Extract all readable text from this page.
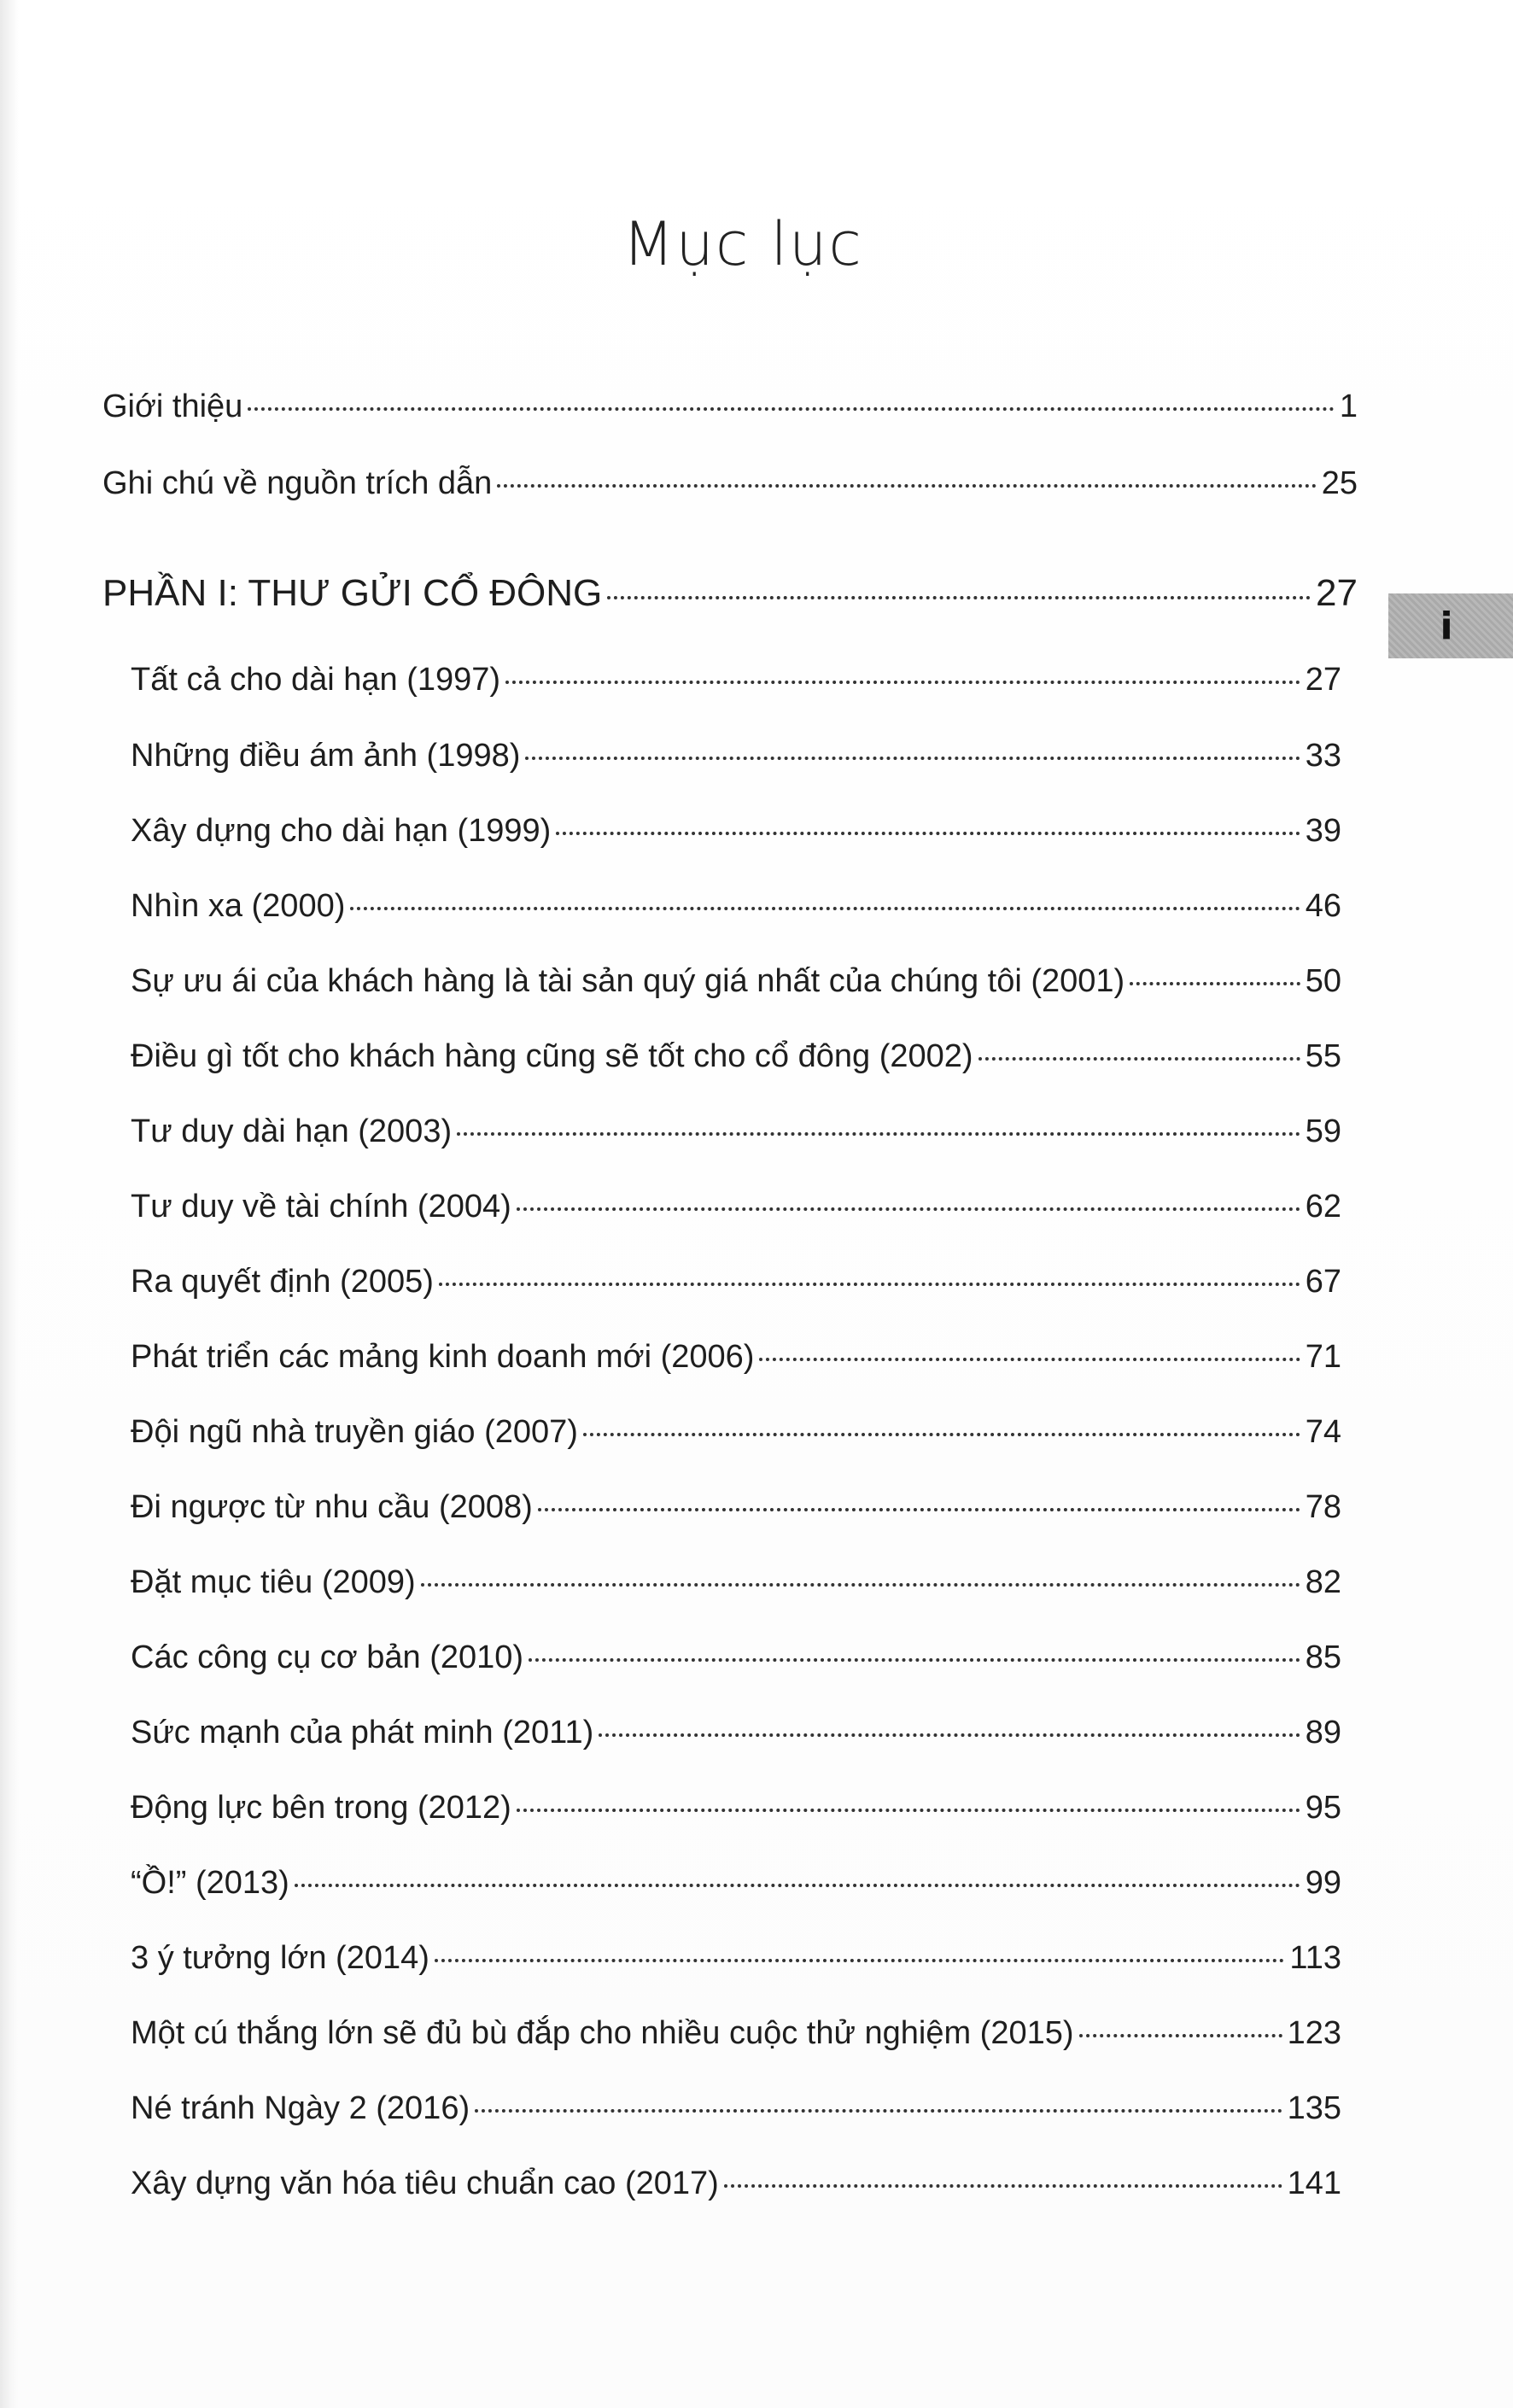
Mục lục
i
Giới thiệu	1
Ghi chú về nguồn trích dẫn	25
PHẦN I: THƯ GỬI CỔ ĐÔNG	27
Tất cả cho dài hạn (1997)	27
Những điều ám ảnh (1998)	33
Xây dựng cho dài hạn (1999)	39
Nhìn xa (2000)	46
Sự ưu ái của khách hàng là tài sản quý giá nhất của chúng tôi (2001)	50
Điều gì tốt cho khách hàng cũng sẽ tốt cho cổ đông (2002)	55
Tư duy dài hạn (2003)	59
Tư duy về tài chính (2004)	62
Ra quyết định (2005)	67
Phát triển các mảng kinh doanh mới (2006)	71
Đội ngũ nhà truyền giáo (2007)	74
Đi ngược từ nhu cầu (2008)	78
Đặt mục tiêu (2009)	82
Các công cụ cơ bản (2010)	85
Sức mạnh của phát minh (2011)	89
Động lực bên trong (2012)	95
“Ồ!” (2013)	99
3 ý tưởng lớn (2014)	113
Một cú thắng lớn sẽ đủ bù đắp cho nhiều cuộc thử nghiệm (2015)	123
Né tránh Ngày 2 (2016)	135
Xây dựng văn hóa tiêu chuẩn cao (2017)	141
